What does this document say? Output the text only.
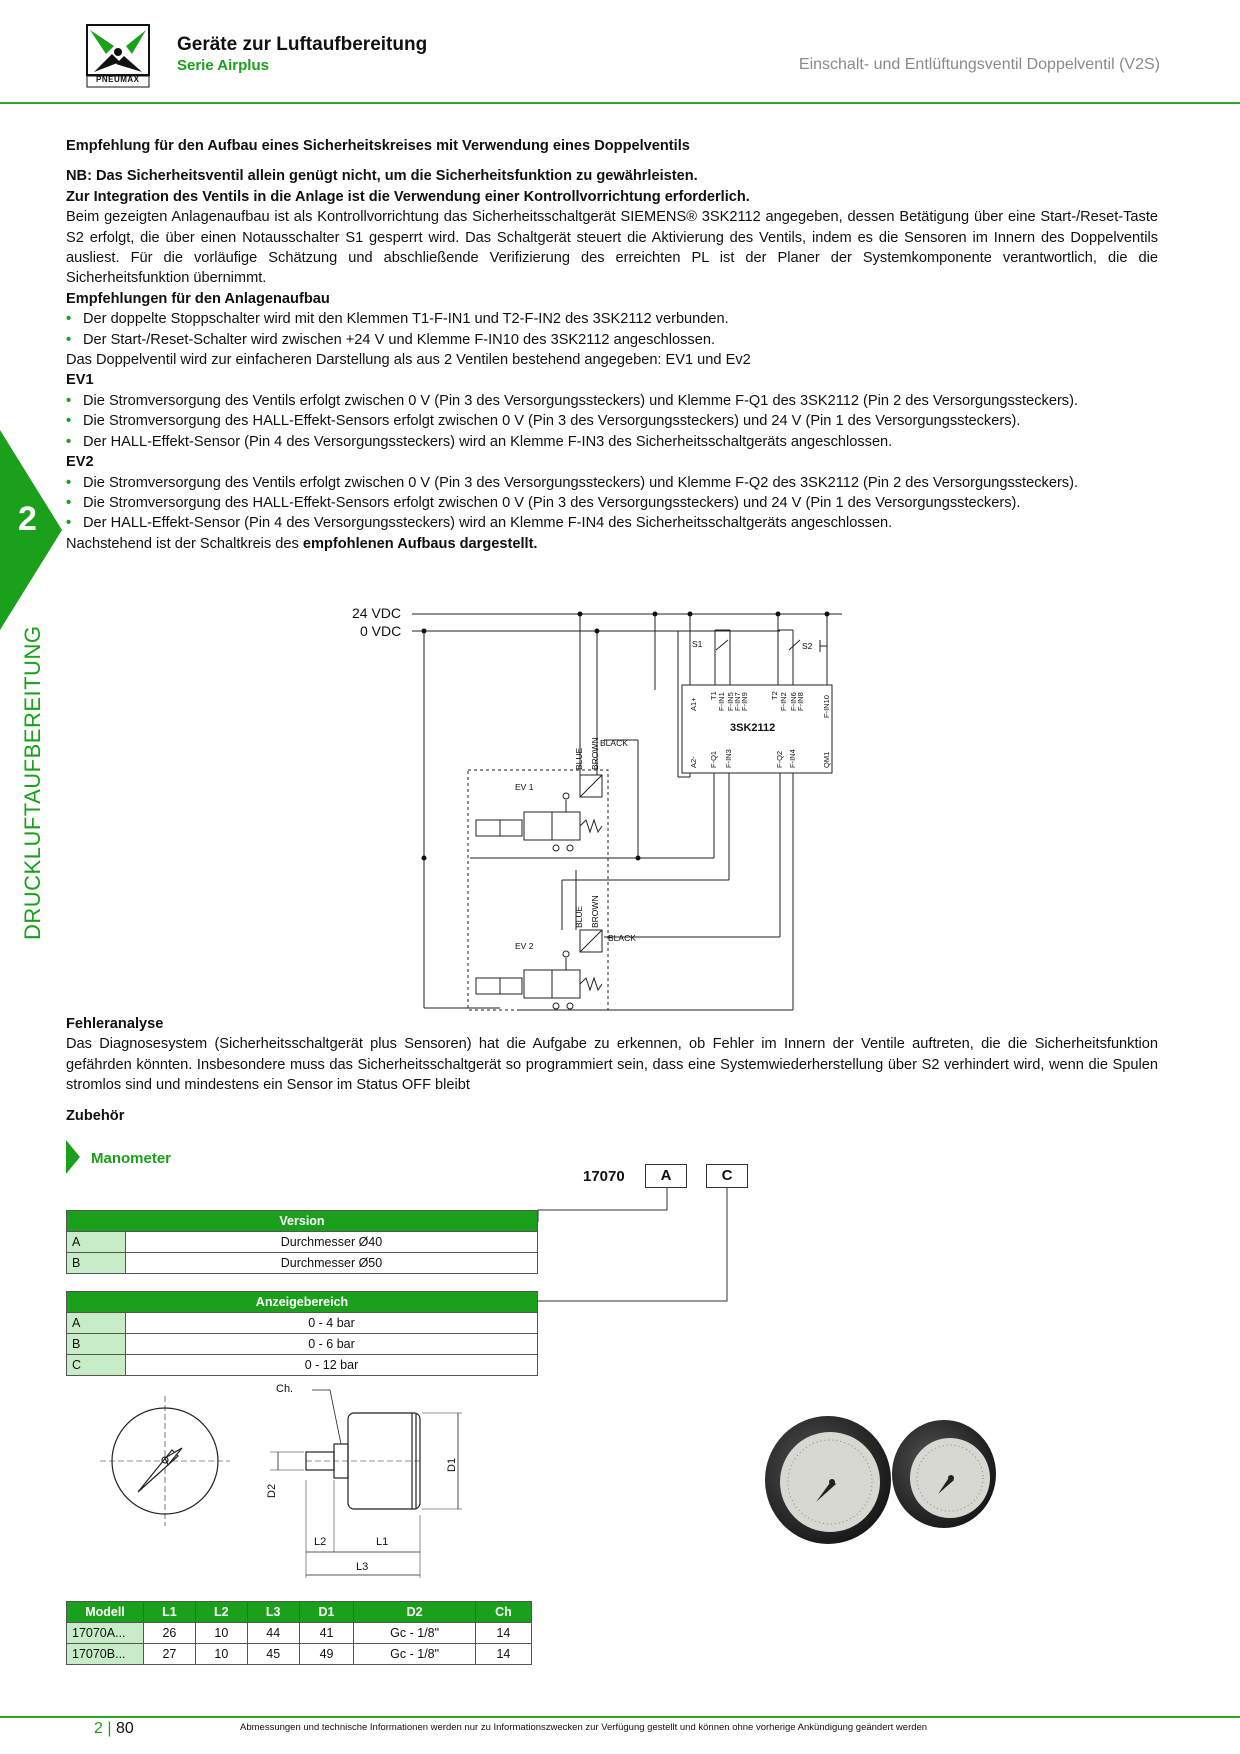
PNEUMAX
Geräte zur Luftaufbereitung
Serie Airplus	Einschalt- und Entlüftungsventil Doppelventil (V2S)
2
DRUCKLUFTAUFBEREITUNG

Empfehlung für den Aufbau eines Sicherheitskreises mit Verwendung eines Doppelventils

NB: Das Sicherheitsventil allein genügt nicht, um die Sicherheitsfunktion zu gewährleisten.

Zur Integration des Ventils in die Anlage ist die Verwendung einer Kontrollvorrichtung erforderlich.

Beim gezeigten Anlagenaufbau ist als Kontrollvorrichtung das Sicherheitsschaltgerät SIEMENS® 3SK2112 angegeben, dessen Betätigung über eine Start-/Reset-Taste S2 erfolgt, die über einen Notausschalter S1 gesperrt wird. Das Schaltgerät steuert die Aktivierung des Ventils, indem es die Sensoren im Innern des Doppelventils ausliest. Für die vorläufige Schätzung und abschließende Verifizierung des erreichten PL ist der Planer der Systemkomponente verantwortlich, die die Sicherheitsfunktion übernimmt.

Empfehlungen für den Anlagenaufbau

• Der doppelte Stoppschalter wird mit den Klemmen T1-F-IN1 und T2-F-IN2 des 3SK2112 verbunden.

• Der Start-/Reset-Schalter wird zwischen +24 V und Klemme F-IN10 des 3SK2112 angeschlossen.

Das Doppelventil wird zur einfacheren Darstellung als aus 2 Ventilen bestehend angegeben: EV1 und Ev2

EV1

• Die Stromversorgung des Ventils erfolgt zwischen 0 V (Pin 3 des Versorgungssteckers) und Klemme F-Q1 des 3SK2112 (Pin 2 des Versorgungssteckers).

• Die Stromversorgung des HALL-Effekt-Sensors erfolgt zwischen 0 V (Pin 3 des Versorgungssteckers) und 24 V (Pin 1 des Versorgungssteckers).

• Der HALL-Effekt-Sensor (Pin 4 des Versorgungssteckers) wird an Klemme F-IN3 des Sicherheitsschaltgeräts angeschlossen.

EV2

• Die Stromversorgung des Ventils erfolgt zwischen 0 V (Pin 3 des Versorgungssteckers) und Klemme F-Q2 des 3SK2112 (Pin 2 des Versorgungssteckers).

• Die Stromversorgung des HALL-Effekt-Sensors erfolgt zwischen 0 V (Pin 3 des Versorgungssteckers) und 24 V (Pin 1 des Versorgungssteckers).

• Der HALL-Effekt-Sensor (Pin 4 des Versorgungssteckers) wird an Klemme F-IN4 des Sicherheitsschaltgeräts angeschlossen.

Nachstehend ist der Schaltkreis des empfohlenen Aufbaus dargestellt.

24 VDC
0 VDC
S1	S2
3SK2112
BLACK
BLACK
EV 1
EV 2
BLUE BROWN
BLUE BROWN
A1+
T1 F-IN1 F-IN5
F-IN7
F-IN9	T2 F-IN2 F-IN6
F-IN8 F-IN10
A2- F-Q1 F-IN3	F-Q2 F-IN4	QM1
Fehleranalyse
Das Diagnosesystem (Sicherheitsschaltgerät plus Sensoren) hat die Aufgabe zu erkennen, ob Fehler im Innern der Ventile auftreten, die die Sicherheitsfunktion gefährden könnten. Insbesondere muss das Sicherheitsschaltgerät so programmiert sein, dass eine Systemwiederherstellung über S2 verhindert wird, wenn die Spulen stromlos sind und mindestens ein Sensor im Status OFF bleibt
Zubehör
Manometer
17070	A	C
Version	
A	Durchmesser Ø40
B	Durchmesser Ø50
Anzeigebereich	
A	0 - 4 bar
B	0 - 6 bar
C	0 - 12 bar
Ch.
D1
D2
L2	L1
L3
Modell	L1	L2	L3	D1	D2	Ch
17070A...	26	10	44	41	Gc - 1/8"	14
17070B...	27	10	45	49	Gc - 1/8"	14
2 | 80	Abmessungen und technische Informationen werden nur zu Informationszwecken zur Verfügung gestellt und können ohne vorherige Ankündigung geändert werden
